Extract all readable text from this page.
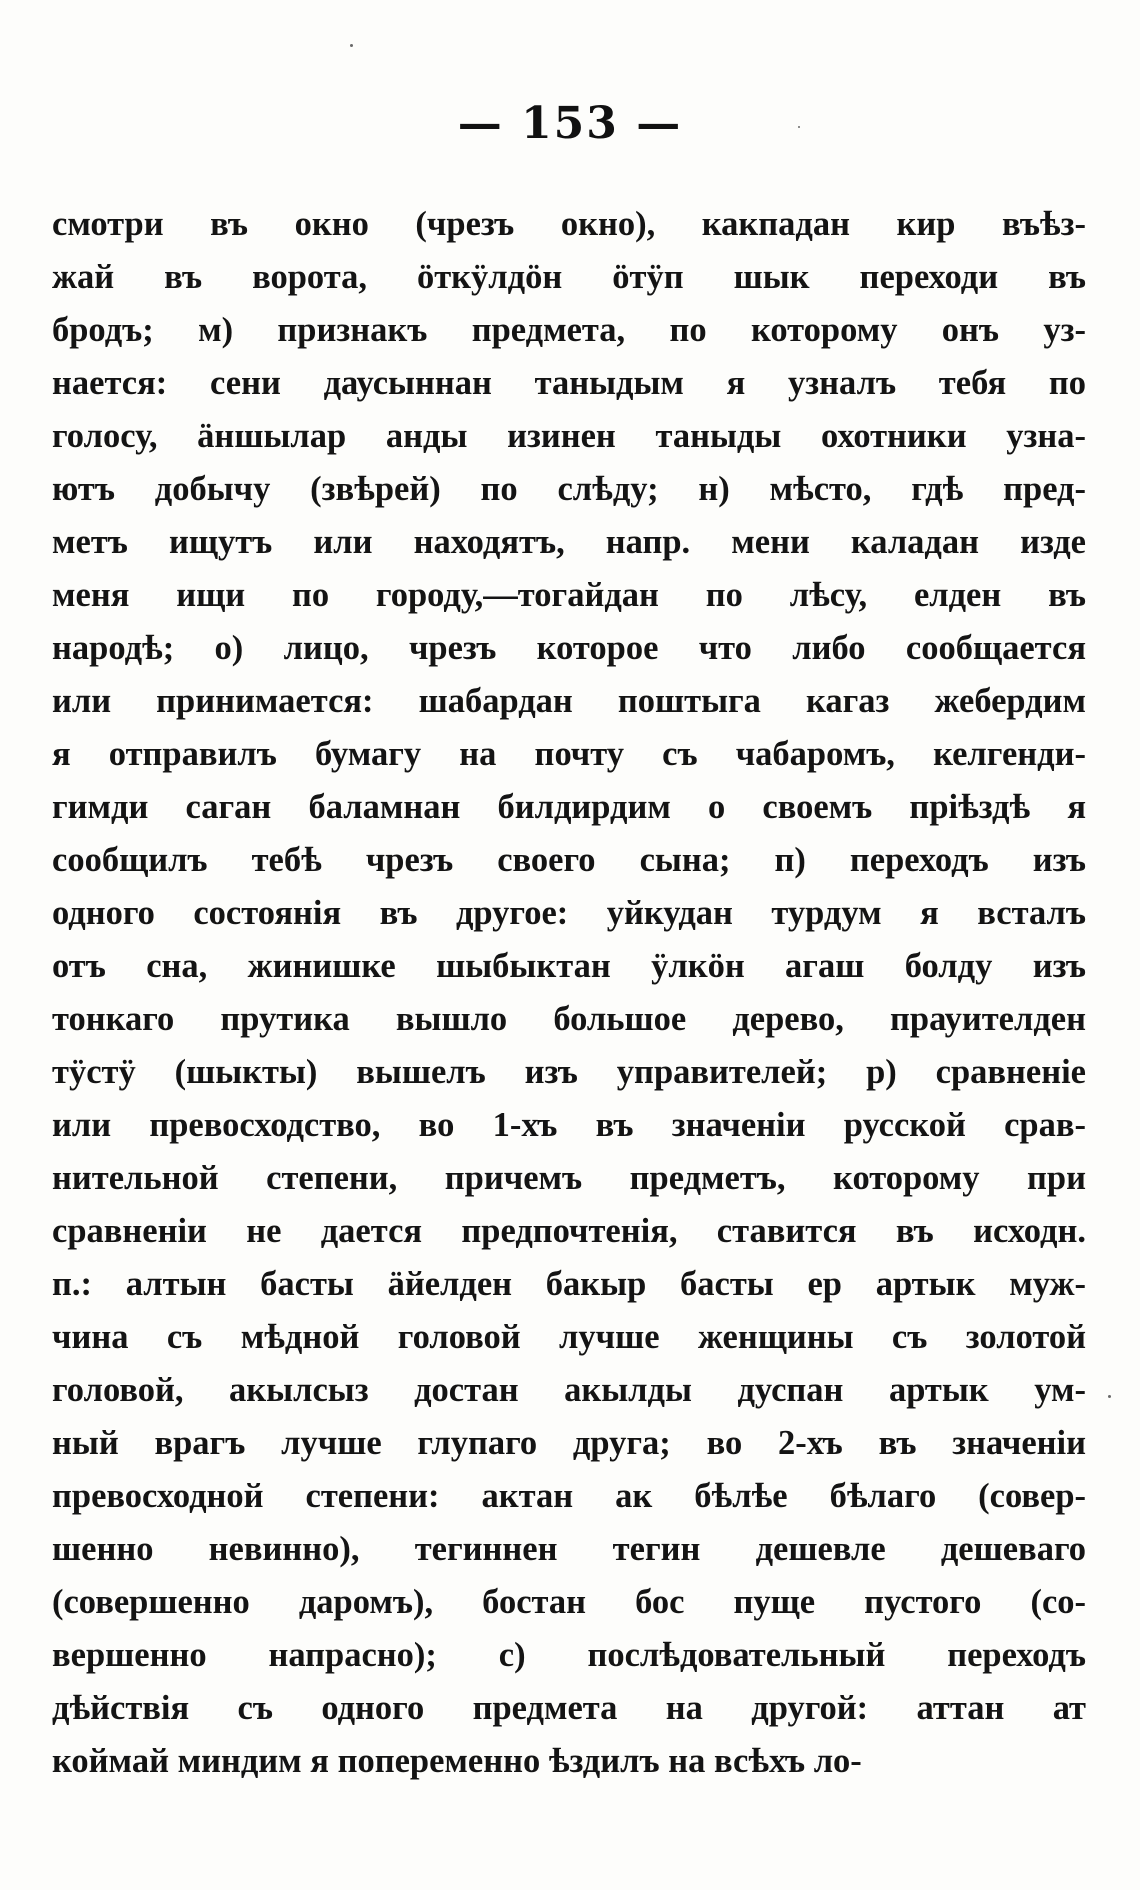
— 153 —
смотри въ окно (чрезъ окно), какпадан кир въѣз-
жай въ ворота, öткÿлдöн öтÿп шык переходи въ
бродъ; м) признакъ предмета, по которому онъ уз-
нается: сени даусыннан таныдым я узналъ тебя по
голосу, äншылар анды изинен таныды охотники узна-
ютъ добычу (звѣрей) по слѣду; н) мѣсто, гдѣ пред-
метъ ищутъ или находятъ, напр. мени каладан изде
меня ищи по городу,—тогайдан по лѣсу, елден въ
народѣ; о) лицо, чрезъ которое что либо сообщается
или принимается: шабардан поштыга кагаз жебердим
я отправилъ бумагу на почту съ чабаромъ, келгенди-
гимди саган баламнан билдирдим о своемъ пріѣздѣ я
сообщилъ тебѣ чрезъ своего сына; п) переходъ изъ
одного состоянія въ другое: уйкудан турдум я всталъ
отъ сна, жинишке шыбыктан ÿлкöн агаш болду изъ
тонкаго прутика вышло большое дерево, прауителден
тÿстÿ (шыкты) вышелъ изъ управителей; р) сравненіе
или превосходство, во 1-хъ въ значеніи русской срав-
нительной степени, причемъ предметъ, которому при
сравненіи не дается предпочтенія, ставится въ исходн.
п.: алтын басты äйелден бакыр басты ер артык муж-
чина съ мѣдной головой лучше женщины съ золотой
головой, акылсыз достан акылды дуспан артык ум-
ный врагъ лучше глупаго друга; во 2-хъ въ значеніи
превосходной степени: актан ак бѣлѣе бѣлаго (совер-
шенно невинно), тегиннен тегин дешевле дешеваго
(совершенно даромъ), бостан бос пуще пустого (со-
вершенно напрасно); с) послѣдовательный переходъ
дѣйствія съ одного предмета на другой: аттан ат
коймай миндим я попеременно ѣздилъ на всѣхъ ло-
